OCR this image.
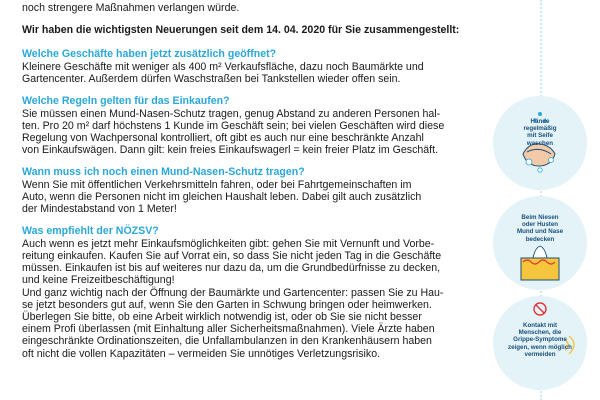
noch strengere Maßnahmen verlangen würde.
Wir haben die wichtigsten Neuerungen seit dem 14. 04. 2020 für Sie zusammengestellt:
Welche Geschäfte haben jetzt zusätzlich geöffnet?
Kleinere Geschäfte mit weniger als 400 m² Verkaufsfläche, dazu noch Baumärkte und
Gartencenter. Außerdem dürfen Waschstraßen bei Tankstellen wieder offen sein.
Welche Regeln gelten für das Einkaufen?
Sie müssen einen Mund-Nasen-Schutz tragen, genug Abstand zu anderen Personen hal-
ten. Pro 20 m² darf höchstens 1 Kunde im Geschäft sein; bei vielen Geschäften wird diese
Regelung von Wachpersonal kontrolliert, oft gibt es auch nur eine beschränkte Anzahl
von Einkaufswägen. Dann gilt: kein freies Einkaufswagerl = kein freier Platz im Geschäft.
Wann muss ich noch einen Mund-Nasen-Schutz tragen?
Wenn Sie mit öffentlichen Verkehrsmitteln fahren, oder bei Fahrtgemeinschaften im
Auto, wenn die Personen nicht im gleichen Haushalt leben. Dabei gilt auch zusätzlich
der Mindestabstand von 1 Meter!
Was empfiehlt der NÖZSV?
Auch wenn es jetzt mehr Einkaufsmöglichkeiten gibt: gehen Sie mit Vernunft und Vorbe-
reitung einkaufen. Kaufen Sie auf Vorrat ein, so dass Sie nicht jeden Tag in die Geschäfte
müssen. Einkaufen ist bis auf weiteres nur dazu da, um die Grundbedürfnisse zu decken,
und keine Freizeitbeschäftigung!
Und ganz wichtig nach der Öffnung der Baumärkte und Gartencenter: passen Sie zu Hau-
se jetzt besonders gut auf, wenn Sie den Garten in Schwung bringen oder heimwerken.
Überlegen Sie bitte, ob eine Arbeit wirklich notwendig ist, oder ob Sie sie nicht besser
einem Profi überlassen (mit Einhaltung aller Sicherheitsmaßnahmen). Viele Ärzte haben
eingeschränkte Ordinationszeiten, die Unfallambulanzen in den Krankenhäusern haben
oft nicht die vollen Kapazitäten – vermeiden Sie unnötiges Verletzungsrisiko.
Hände
regelmäßig
mit Seife
waschen
Beim Niesen
oder Husten
Mund und Nase
bedecken
Kontakt mit
Menschen, die
Grippe-Symptome
zeigen, wenn möglich
vermeiden
